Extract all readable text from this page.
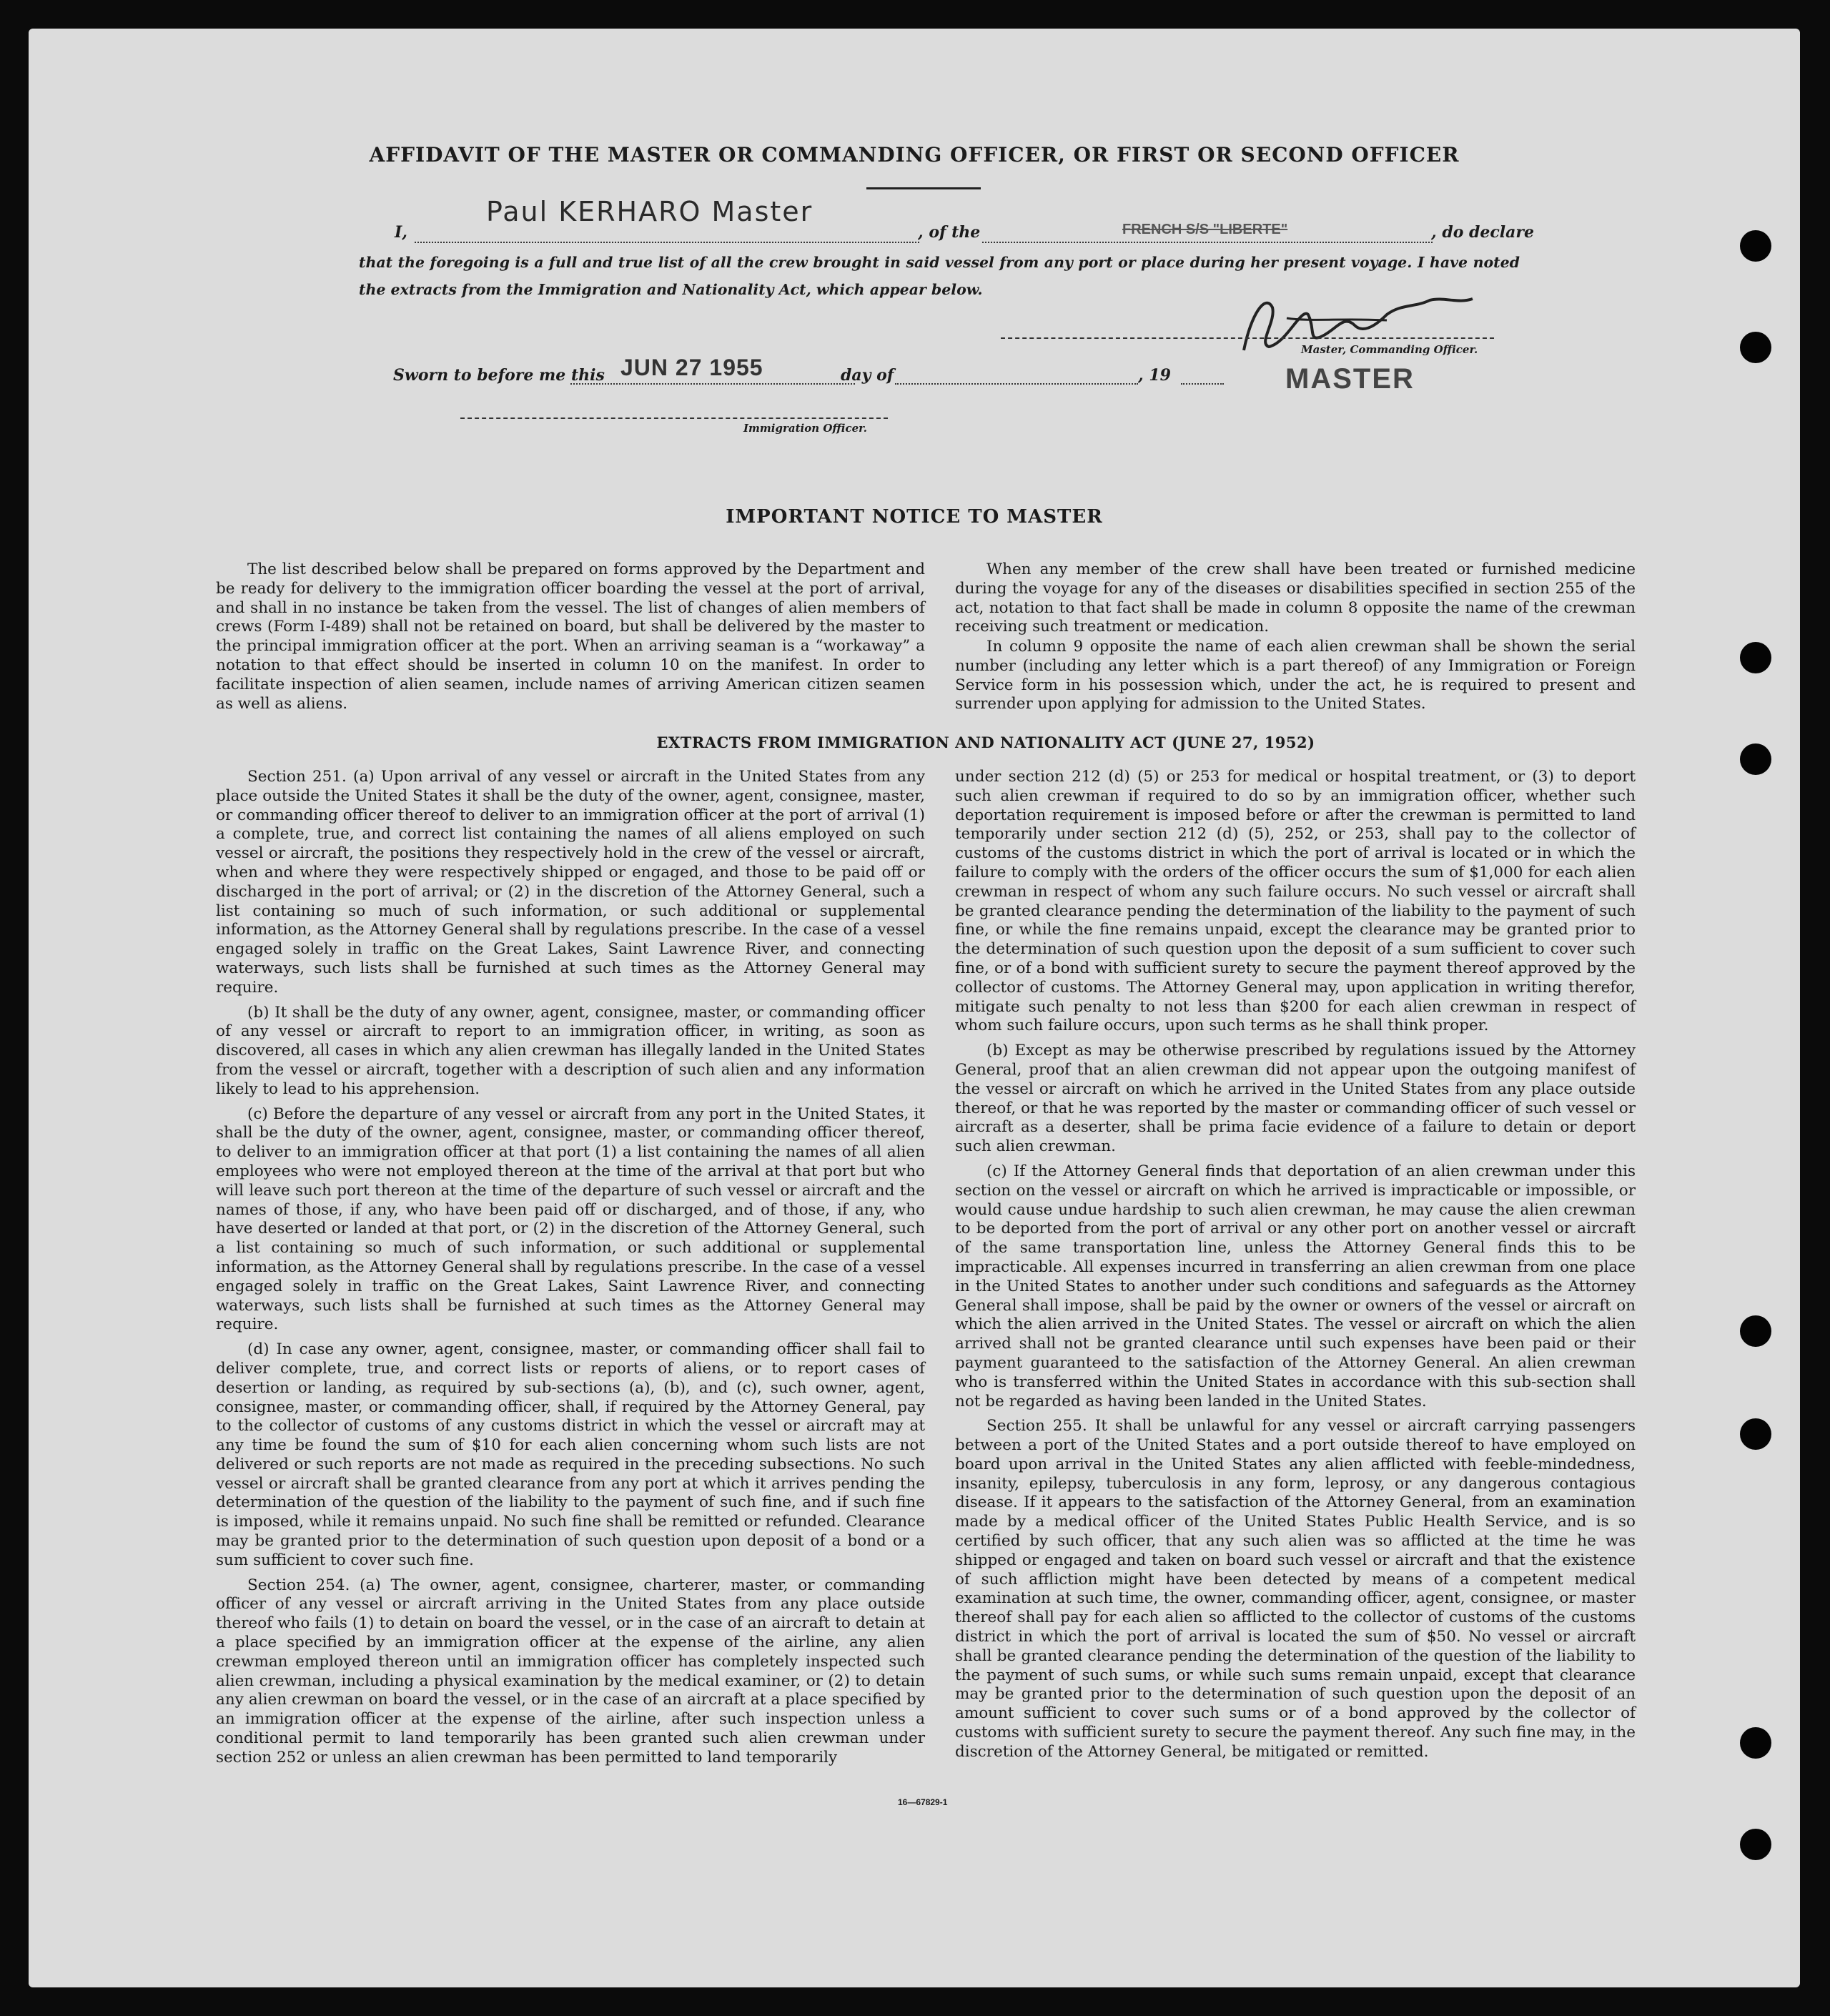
AFFIDAVIT OF THE MASTER OR COMMANDING OFFICER, OR FIRST OR SECOND OFFICER
I,
Paul KERHARO Master
, of the	FRENCH S/S "LIBERTE"	, do declare
that the foregoing is a full and true list of all the crew brought in said vessel from any port or place during her present voyage. I have noted the extracts from the Immigration and Nationality Act, which appear below.
Master, Commanding Officer.
MASTER
Sworn to before me this JUN 27 1955	day of	, 19
Immigration Officer.
IMPORTANT NOTICE TO MASTER
The list described below shall be prepared on forms approved by the Department and be ready for delivery to the immigration officer boarding the vessel at the port of arrival, and shall in no instance be taken from the vessel. The list of changes of alien members of crews (Form I-489) shall not be retained on board, but shall be delivered by the master to the principal immigration officer at the port. When an arriving seaman is a “workaway” a notation to that effect should be inserted in column 10 on the manifest. In order to facilitate inspection of alien seamen, include names of arriving American citizen seamen as well as aliens.
When any member of the crew shall have been treated or furnished medicine during the voyage for any of the diseases or disabilities specified in section 255 of the act, notation to that fact shall be made in column 8 opposite the name of the crewman receiving such treatment or medication.
In column 9 opposite the name of each alien crewman shall be shown the serial number (including any letter which is a part thereof) of any Immigration or Foreign Service form in his possession which, under the act, he is required to present and surrender upon applying for admission to the United States.
EXTRACTS FROM IMMIGRATION AND NATIONALITY ACT (JUNE 27, 1952)

Section 251. (a) Upon arrival of any vessel or aircraft in the United States from any place outside the United States it shall be the duty of the owner, agent, consignee, master, or commanding officer thereof to deliver to an immigration officer at the port of arrival (1) a complete, true, and correct list containing the names of all aliens employed on such vessel or aircraft, the positions they respectively hold in the crew of the vessel or aircraft, when and where they were respectively shipped or engaged, and those to be paid off or discharged in the port of arrival; or (2) in the discretion of the Attorney General, such a list containing so much of such information, or such additional or supplemental information, as the Attorney General shall by regulations prescribe. In the case of a vessel engaged solely in traffic on the Great Lakes, Saint Lawrence River, and connecting waterways, such lists shall be furnished at such times as the Attorney General may require.

(b) It shall be the duty of any owner, agent, consignee, master, or commanding officer of any vessel or aircraft to report to an immigration officer, in writing, as soon as discovered, all cases in which any alien crewman has illegally landed in the United States from the vessel or aircraft, together with a description of such alien and any information likely to lead to his apprehension.

(c) Before the departure of any vessel or aircraft from any port in the United States, it shall be the duty of the owner, agent, consignee, master, or commanding officer thereof, to deliver to an immigration officer at that port (1) a list containing the names of all alien employees who were not employed thereon at the time of the arrival at that port but who will leave such port thereon at the time of the departure of such vessel or aircraft and the names of those, if any, who have been paid off or discharged, and of those, if any, who have deserted or landed at that port, or (2) in the discretion of the Attorney General, such a list containing so much of such information, or such additional or supplemental information, as the Attorney General shall by regulations prescribe. In the case of a vessel engaged solely in traffic on the Great Lakes, Saint Lawrence River, and connecting waterways, such lists shall be furnished at such times as the Attorney General may require.

(d) In case any owner, agent, consignee, master, or commanding officer shall fail to deliver complete, true, and correct lists or reports of aliens, or to report cases of desertion or landing, as required by sub-sections (a), (b), and (c), such owner, agent, consignee, master, or commanding officer, shall, if required by the Attorney General, pay to the collector of customs of any customs district in which the vessel or aircraft may at any time be found the sum of $10 for each alien concerning whom such lists are not delivered or such reports are not made as required in the preceding subsections. No such vessel or aircraft shall be granted clearance from any port at which it arrives pending the determination of the question of the liability to the payment of such fine, and if such fine is imposed, while it remains unpaid. No such fine shall be remitted or refunded. Clearance may be granted prior to the determination of such question upon deposit of a bond or a sum sufficient to cover such fine.

Section 254. (a) The owner, agent, consignee, charterer, master, or commanding officer of any vessel or aircraft arriving in the United States from any place outside thereof who fails (1) to detain on board the vessel, or in the case of an aircraft to detain at a place specified by an immigration officer at the expense of the airline, any alien crewman employed thereon until an immigration officer has completely inspected such alien crewman, including a physical examination by the medical examiner, or (2) to detain any alien crewman on board the vessel, or in the case of an aircraft at a place specified by an immigration officer at the expense of the airline, after such inspection unless a conditional permit to land temporarily has been granted such alien crewman under section 252 or unless an alien crewman has been permitted to land temporarily

under section 212 (d) (5) or 253 for medical or hospital treatment, or (3) to deport such alien crewman if required to do so by an immigration officer, whether such deportation requirement is imposed before or after the crewman is permitted to land temporarily under section 212 (d) (5), 252, or 253, shall pay to the collector of customs of the customs district in which the port of arrival is located or in which the failure to comply with the orders of the officer occurs the sum of $1,000 for each alien crewman in respect of whom any such failure occurs. No such vessel or aircraft shall be granted clearance pending the determination of the liability to the payment of such fine, or while the fine remains unpaid, except the clearance may be granted prior to the determination of such question upon the deposit of a sum sufficient to cover such fine, or of a bond with sufficient surety to secure the payment thereof approved by the collector of customs. The Attorney General may, upon application in writing therefor, mitigate such penalty to not less than $200 for each alien crewman in respect of whom such failure occurs, upon such terms as he shall think proper.

(b) Except as may be otherwise prescribed by regulations issued by the Attorney General, proof that an alien crewman did not appear upon the outgoing manifest of the vessel or aircraft on which he arrived in the United States from any place outside thereof, or that he was reported by the master or commanding officer of such vessel or aircraft as a deserter, shall be prima facie evidence of a failure to detain or deport such alien crewman.

(c) If the Attorney General finds that deportation of an alien crewman under this section on the vessel or aircraft on which he arrived is impracticable or impossible, or would cause undue hardship to such alien crewman, he may cause the alien crewman to be deported from the port of arrival or any other port on another vessel or aircraft of the same transportation line, unless the Attorney General finds this to be impracticable. All expenses incurred in transferring an alien crewman from one place in the United States to another under such conditions and safeguards as the Attorney General shall impose, shall be paid by the owner or owners of the vessel or aircraft on which the alien arrived in the United States. The vessel or aircraft on which the alien arrived shall not be granted clearance until such expenses have been paid or their payment guaranteed to the satisfaction of the Attorney General. An alien crewman who is transferred within the United States in accordance with this sub-section shall not be regarded as having been landed in the United States.

Section 255. It shall be unlawful for any vessel or aircraft carrying passengers between a port of the United States and a port outside thereof to have employed on board upon arrival in the United States any alien afflicted with feeble-mindedness, insanity, epilepsy, tuberculosis in any form, leprosy, or any dangerous contagious disease. If it appears to the satisfaction of the Attorney General, from an examination made by a medical officer of the United States Public Health Service, and is so certified by such officer, that any such alien was so afflicted at the time he was shipped or engaged and taken on board such vessel or aircraft and that the existence of such affliction might have been detected by means of a competent medical examination at such time, the owner, commanding officer, agent, consignee, or master thereof shall pay for each alien so afflicted to the collector of customs of the customs district in which the port of arrival is located the sum of $50. No vessel or aircraft shall be granted clearance pending the determination of the question of the liability to the payment of such sums, or while such sums remain unpaid, except that clearance may be granted prior to the determination of such question upon the deposit of an amount sufficient to cover such sums or of a bond approved by the collector of customs with sufficient surety to secure the payment thereof. Any such fine may, in the discretion of the Attorney General, be mitigated or remitted.

16—67829-1
